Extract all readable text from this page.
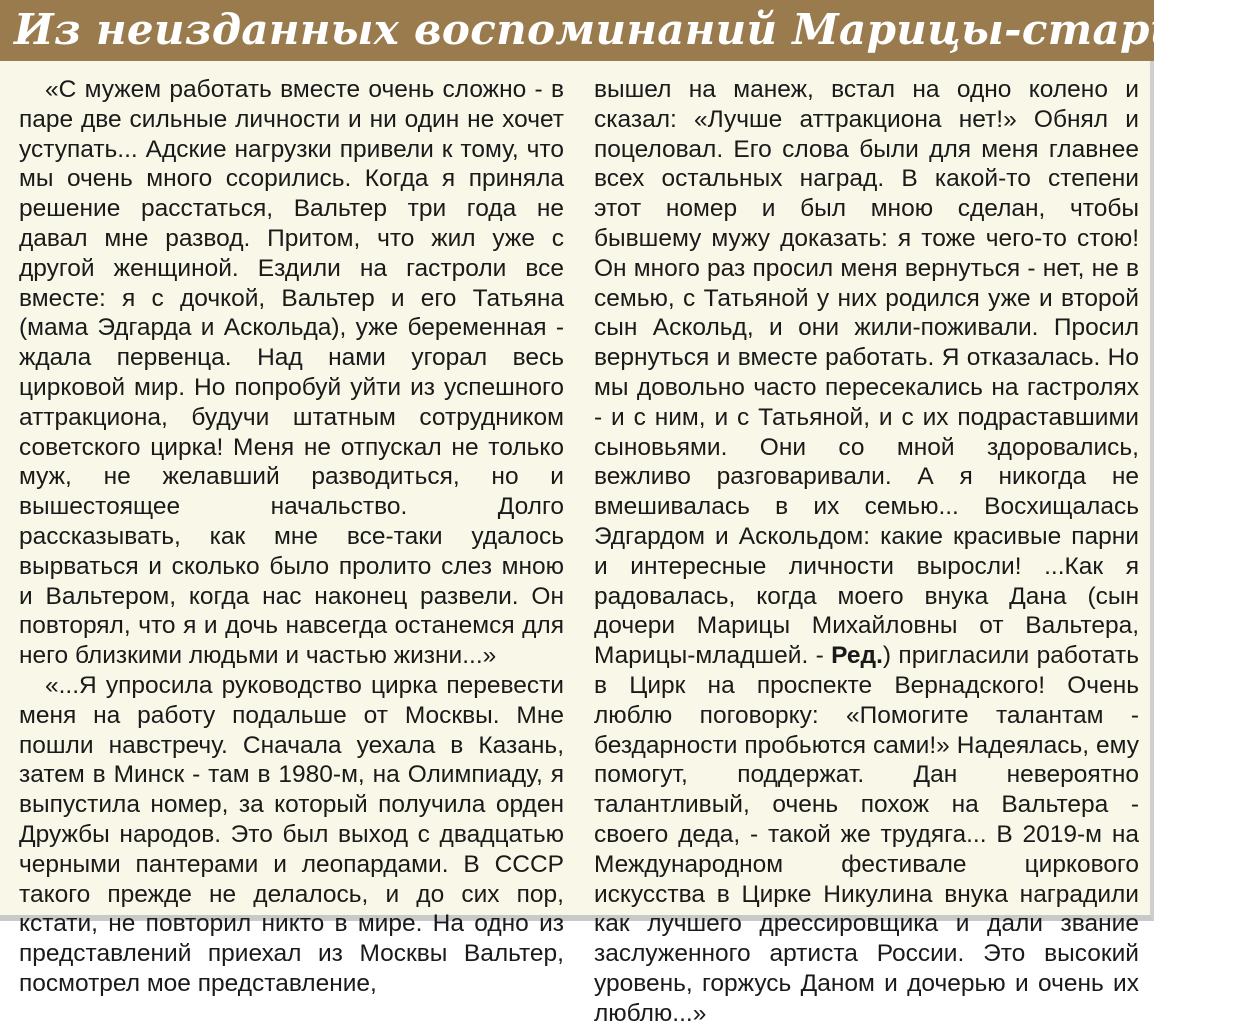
Из неизданных воспоминаний Марицы-старшей

«С мужем работать вместе очень сложно - в паре две сильные личности и ни один не хочет уступать... Адские нагрузки привели к тому, что мы очень много ссорились. Когда я приняла решение расстаться, Вальтер три года не давал мне развод. Притом, что жил уже с другой женщиной. Ездили на гастроли все вместе: я с дочкой, Вальтер и его Татьяна (мама Эдгарда и Аскольда), уже беременная - ждала первенца. Над нами угорал весь цирковой мир. Но попробуй уйти из успешного аттракциона, будучи штатным сотрудником советского цирка! Меня не отпускал не только муж, не желавший разводиться, но и вышестоящее начальство. Долго рассказывать, как мне все-таки удалось вырваться и сколько было пролито слез мною и Вальтером, когда нас наконец развели. Он повторял, что я и дочь навсегда останемся для него близкими людьми и частью жизни...»

«...Я упросила руководство цирка перевести меня на работу подальше от Москвы. Мне пошли навстречу. Сначала уехала в Казань, затем в Минск - там в 1980-м, на Олимпиаду, я выпустила номер, за который получила орден Дружбы народов. Это был выход с двадцатью черными пантерами и леопардами. В СССР такого прежде не делалось, и до сих пор, кстати, не повторил никто в мире. На одно из представлений приехал из Москвы Вальтер, посмотрел мое представление,

вышел на манеж, встал на одно колено и сказал: «Лучше аттракциона нет!» Обнял и поцеловал. Его слова были для меня главнее всех остальных наград. В какой-то степени этот номер и был мною сделан, чтобы бывшему мужу доказать: я тоже чего-то стою! Он много раз просил меня вернуться - нет, не в семью, с Татьяной у них родился уже и второй сын Аскольд, и они жили-поживали. Просил вернуться и вместе работать. Я отказалась. Но мы довольно часто пересекались на гастролях - и с ним, и с Татьяной, и с их подраставшими сыновьями. Они со мной здоровались, вежливо разговаривали. А я никогда не вмешивалась в их семью... Восхищалась Эдгардом и Аскольдом: какие красивые парни и интересные личности выросли! ...Как я радовалась, когда моего внука Дана (сын дочери Марицы Михайловны от Вальтера, Марицы-младшей. - Ред.) пригласили работать в Цирк на проспекте Вернадского! Очень люблю поговорку: «Помогите талантам - бездарности пробьются сами!» Надеялась, ему помогут, поддержат. Дан невероятно талантливый, очень похож на Вальтера - своего деда, - такой же трудяга... В 2019-м на Международном фестивале циркового искусства в Цирке Никулина внука наградили как лучшего дрессировщика и дали звание заслуженного артиста России. Это высокий уровень, горжусь Даном и дочерью и очень их люблю...»
